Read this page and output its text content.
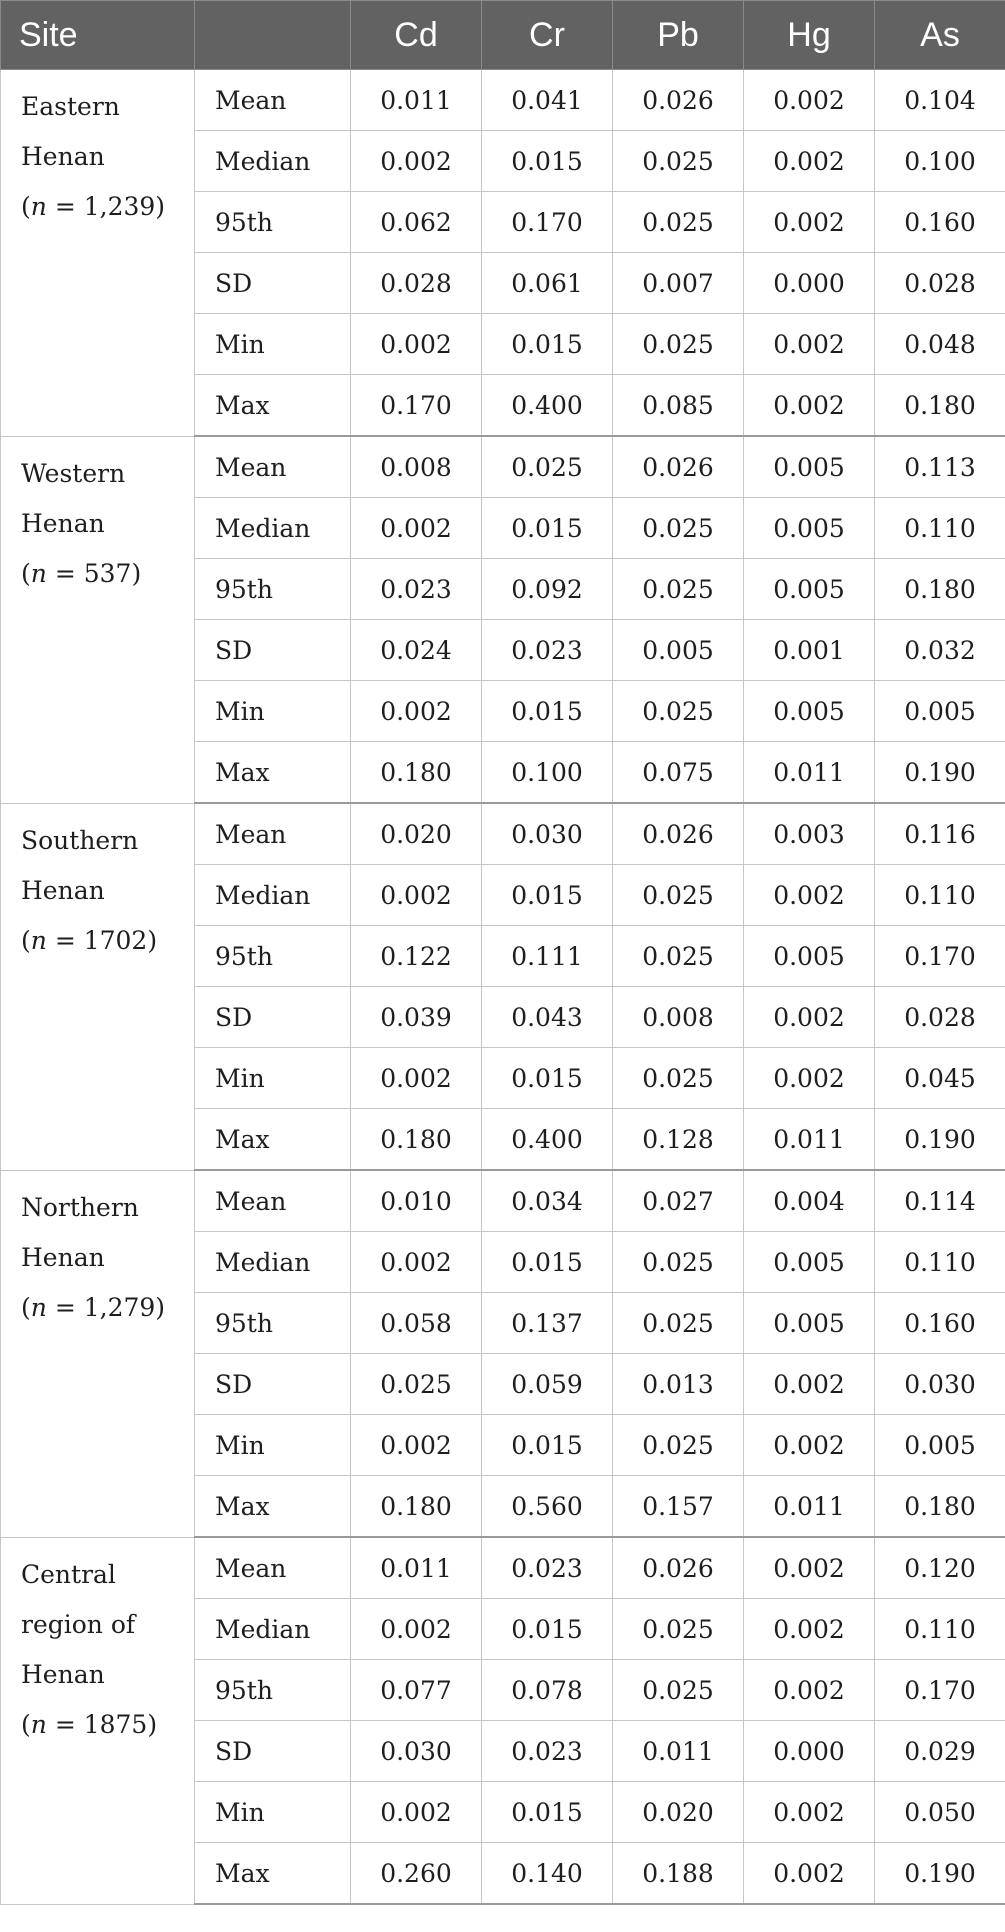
Site		Cd	Cr	Pb	Hg	As

Eastern
Henan
(n = 1,239)	Mean	0.011	0.041	0.026	0.002	0.104
	Median	0.002	0.015	0.025	0.002	0.100
	95th	0.062	0.170	0.025	0.002	0.160
	SD	0.028	0.061	0.007	0.000	0.028
	Min	0.002	0.015	0.025	0.002	0.048
	Max	0.170	0.400	0.085	0.002	0.180

Western
Henan
(n = 537)	Mean	0.008	0.025	0.026	0.005	0.113
	Median	0.002	0.015	0.025	0.005	0.110
	95th	0.023	0.092	0.025	0.005	0.180
	SD	0.024	0.023	0.005	0.001	0.032
	Min	0.002	0.015	0.025	0.005	0.005
	Max	0.180	0.100	0.075	0.011	0.190

Southern
Henan
(n = 1702)	Mean	0.020	0.030	0.026	0.003	0.116
	Median	0.002	0.015	0.025	0.002	0.110
	95th	0.122	0.111	0.025	0.005	0.170
	SD	0.039	0.043	0.008	0.002	0.028
	Min	0.002	0.015	0.025	0.002	0.045
	Max	0.180	0.400	0.128	0.011	0.190

Northern
Henan
(n = 1,279)	Mean	0.010	0.034	0.027	0.004	0.114
	Median	0.002	0.015	0.025	0.005	0.110
	95th	0.058	0.137	0.025	0.005	0.160
	SD	0.025	0.059	0.013	0.002	0.030
	Min	0.002	0.015	0.025	0.002	0.005
	Max	0.180	0.560	0.157	0.011	0.180

Central
region of
Henan
(n = 1875)	Mean	0.011	0.023	0.026	0.002	0.120
	Median	0.002	0.015	0.025	0.002	0.110
	95th	0.077	0.078	0.025	0.002	0.170
	SD	0.030	0.023	0.011	0.000	0.029
	Min	0.002	0.015	0.020	0.002	0.050
	Max	0.260	0.140	0.188	0.002	0.190
